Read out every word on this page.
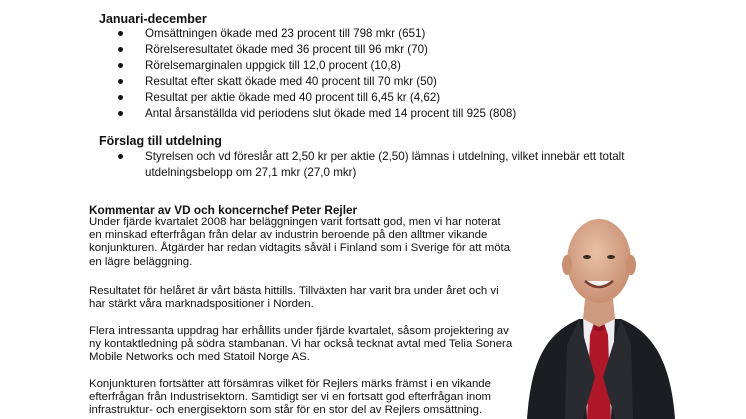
Januari-december
Omsättningen ökade med 23 procent till 798 mkr (651)
Rörelseresultatet ökade med 36 procent till 96 mkr (70)
Rörelsemarginalen uppgick till 12,0 procent (10,8)
Resultat efter skatt ökade med 40 procent till 70 mkr (50)
Resultat per aktie ökade med 40 procent till 6,45 kr (4,62)
Antal årsanställda vid periodens slut ökade med 14 procent till 925 (808)
Förslag till utdelning
Styrelsen och vd föreslår att 2,50 kr per aktie (2,50) lämnas i utdelning, vilket innebär ett totalt
utdelningsbelopp om 27,1 mkr (27,0 mkr)
Kommentar av VD och koncernchef Peter Rejler
Under fjärde kvartalet 2008 har beläggningen varit fortsatt god, men vi har noterat
en minskad efterfrågan från delar av industrin beroende på den alltmer vikande
konjunkturen. Åtgärder har redan vidtagits såväl i Finland som i Sverige för att möta
en lägre beläggning.
Resultatet för helåret är vårt bästa hittills. Tillväxten har varit bra under året och vi
har stärkt våra marknadspositioner i Norden.
Flera intressanta uppdrag har erhållits under fjärde kvartalet, såsom projektering av
ny kontaktledning på södra stambanan. Vi har också tecknat avtal med Telia Sonera
Mobile Networks och med Statoil Norge AS.
Konjunkturen fortsätter att försämras vilket för Rejlers märks främst i en vikande
efterfrågan från Industrisektorn. Samtidigt ser vi en fortsatt god efterfrågan inom
infrastruktur- och energisektorn som står för en stor del av Rejlers omsättning.
